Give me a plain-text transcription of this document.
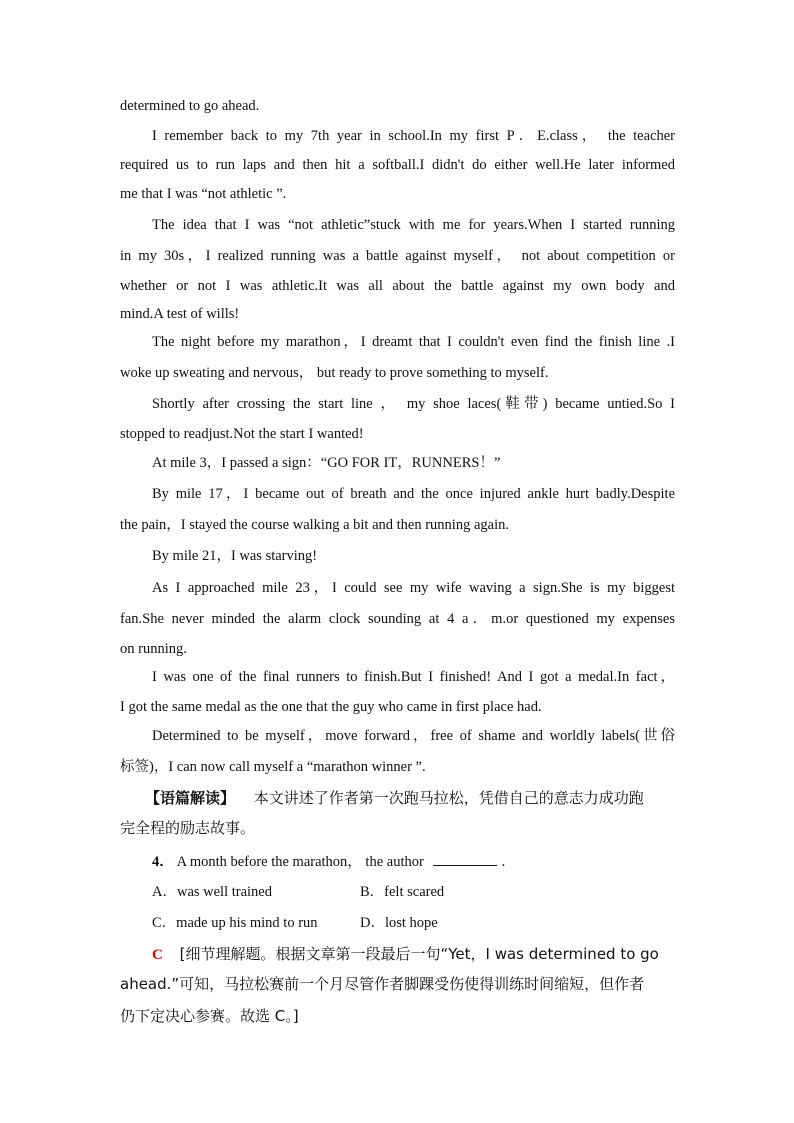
determined to go ahead.
I remember back to my 7th year in school.In my first P．E.class， the teacher
required us to run laps and then hit a softball.I didn't do either well.He later informed
me that I was “not athletic ”.
The idea that I was “not athletic”stuck with me for years.When I started running
in my 30s，I realized running was a battle against myself， not about competition or
whether or not I was athletic.It was all about the battle against my own body and
mind.A test of wills!
The night before my marathon，I dreamt that I couldn't even find the finish line .I
woke up sweating and nervous， but ready to prove something to myself.
Shortly after crossing the start line ， my shoe laces(鞋带) became untied.So I
stopped to readjust.Not the start I wanted!
At mile 3，I passed a sign：“GO FOR IT，RUNNERS！”
By mile 17，I became out of breath and the once injured ankle hurt badly.Despite
the pain，I stayed the course walking a bit and then running again.
By mile 21，I was starving!
As I approached mile 23，I could see my wife waving a sign.She is my biggest
fan.She never minded the alarm clock sounding at 4 a．m.or questioned my expenses
on running.
I was one of the final runners to finish.But I finished! And I got a medal.In fact，
I got the same medal as the one that the guy who came in first place had.
Determined to be myself，move forward，free of shame and worldly labels(世俗
标签)，I can now call myself a “marathon winner ”.
【语篇解读】 本文讲述了作者第一次跑马拉松，凭借自己的意志力成功跑
完全程的励志故事。
4． A month before the marathon， the author	．
A．was well trained	B．felt scared
C．made up his mind to run	D．lost hope
C [细节理解题。根据文章第一段最后一句“Yet，I was determined to go
ahead.”可知，马拉松赛前一个月尽管作者脚踝受伤使得训练时间缩短，但作者
仍下定决心参赛。故选 C。]
